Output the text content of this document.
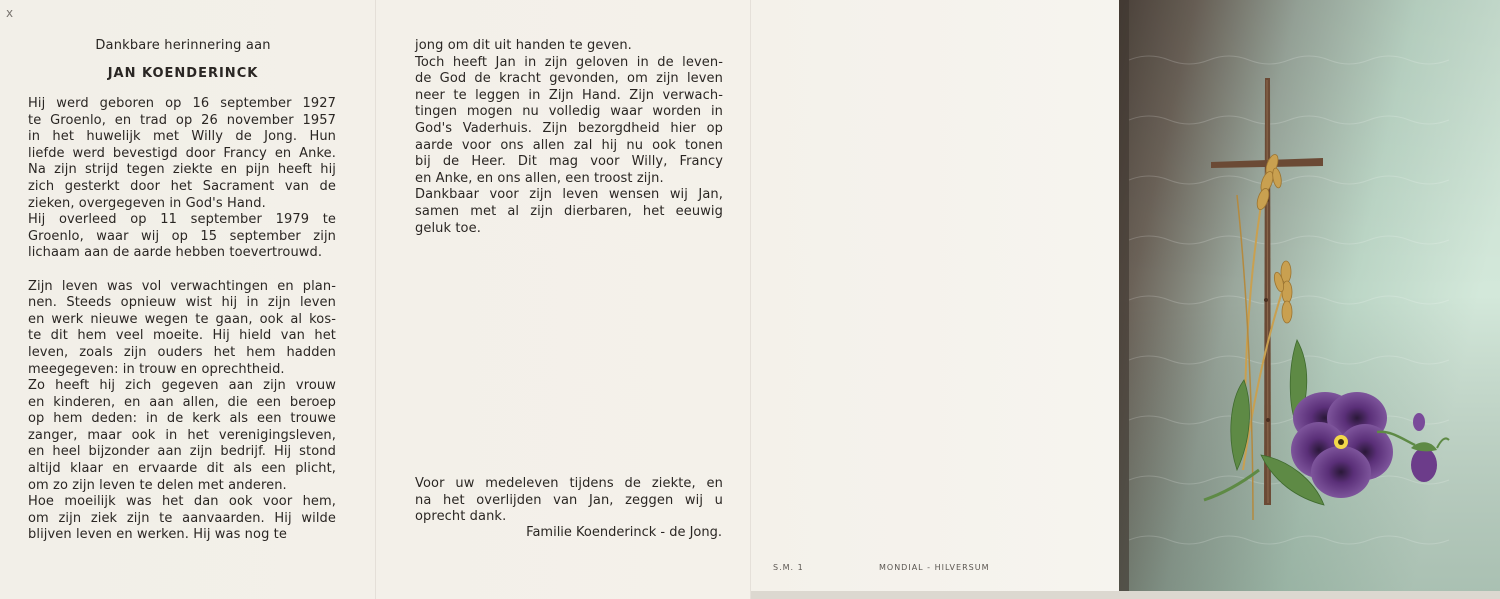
x
Dankbare herinnering aan
JAN KOENDERINCK
Hij werd geboren op 16 september 1927
te Groenlo, en trad op 26 november 1957
in het huwelijk met Willy de Jong. Hun
liefde werd bevestigd door Francy en Anke.
Na zijn strijd tegen ziekte en pijn heeft hij
zich gesterkt door het Sacrament van de
zieken, overgegeven in God's Hand.
Hij overleed op 11 september 1979 te
Groenlo, waar wij op 15 september zijn
lichaam aan de aarde hebben toevertrouwd.
Zijn leven was vol verwachtingen en plan-
nen. Steeds opnieuw wist hij in zijn leven
en werk nieuwe wegen te gaan, ook al kos-
te dit hem veel moeite. Hij hield van het
leven, zoals zijn ouders het hem hadden
meegegeven: in trouw en oprechtheid.
Zo heeft hij zich gegeven aan zijn vrouw
en kinderen, en aan allen, die een beroep
op hem deden: in de kerk als een trouwe
zanger, maar ook in het verenigingsleven,
en heel bijzonder aan zijn bedrijf. Hij stond
altijd klaar en ervaarde dit als een plicht,
om zo zijn leven te delen met anderen.
Hoe moeilijk was het dan ook voor hem,
om zijn ziek zijn te aanvaarden. Hij wilde
blijven leven en werken. Hij was nog te
jong om dit uit handen te geven.
Toch heeft Jan in zijn geloven in de leven-
de God de kracht gevonden, om zijn leven
neer te leggen in Zijn Hand. Zijn verwach-
tingen mogen nu volledig waar worden in
God's Vaderhuis. Zijn bezorgdheid hier op
aarde voor ons allen zal hij nu ook tonen
bij de Heer. Dit mag voor Willy, Francy
en Anke, en ons allen, een troost zijn.
Dankbaar voor zijn leven wensen wij Jan,
samen met al zijn dierbaren, het eeuwig
geluk toe.
Voor uw medeleven tijdens de ziekte, en
na het overlijden van Jan, zeggen wij u
oprecht dank.
Familie Koenderinck - de Jong.
S.M. 1	MONDIAL - HILVERSUM
